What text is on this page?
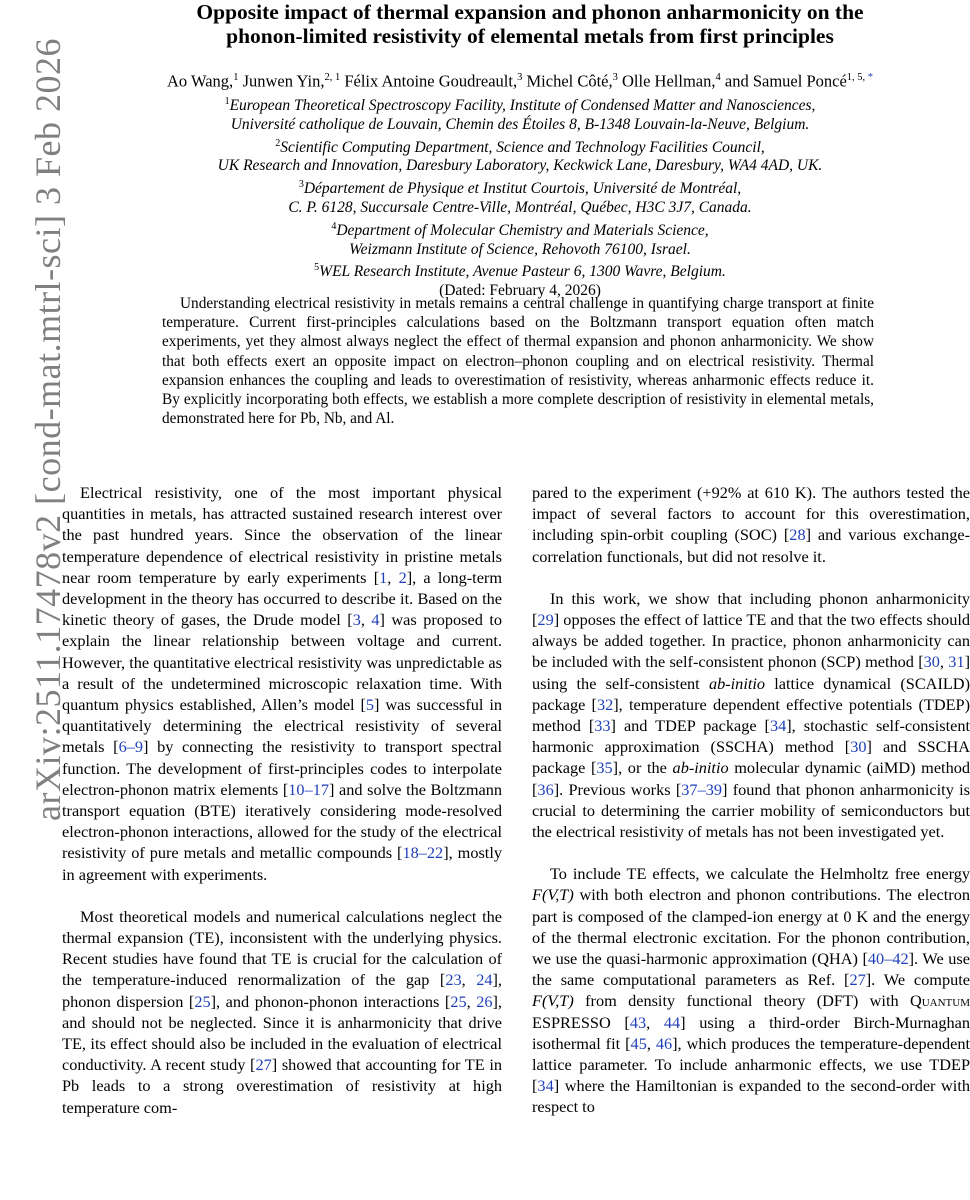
arXiv:2511.17478v2 [cond-mat.mtrl-sci] 3 Feb 2026
Opposite impact of thermal expansion and phonon anharmonicity on the
phonon-limited resistivity of elemental metals from first principles
Ao Wang,$^1$ Junwen Yin,$^{2, 1}$ Félix Antoine Goudreault,$^3$ Michel Côté,$^3$ Olle Hellman,$^4$ and Samuel Poncé$^{1, 5, *}$
$^1$European Theoretical Spectroscopy Facility, Institute of Condensed Matter and Nanosciences,
Université catholique de Louvain, Chemin des Étoiles 8, B-1348 Louvain-la-Neuve, Belgium.
$^2$Scientific Computing Department, Science and Technology Facilities Council,
UK Research and Innovation, Daresbury Laboratory, Keckwick Lane, Daresbury, WA4 4AD, UK.
$^3$Département de Physique et Institut Courtois, Université de Montréal,
C. P. 6128, Succursale Centre-Ville, Montréal, Québec, H3C 3J7, Canada.
$^4$Department of Molecular Chemistry and Materials Science,
Weizmann Institute of Science, Rehovoth 76100, Israel.
$^5$WEL Research Institute, Avenue Pasteur 6, 1300 Wavre, Belgium.
(Dated: February 4, 2026)
Understanding electrical resistivity in metals remains a central challenge in quantifying charge transport at finite temperature. Current first-principles calculations based on the Boltzmann transport equation often match experiments, yet they almost always neglect the effect of thermal expansion and phonon anharmonicity. We show that both effects exert an opposite impact on electron–phonon coupling and on electrical resistivity. Thermal expansion enhances the coupling and leads to overestimation of resistivity, whereas anharmonic effects reduce it. By explicitly incorporating both effects, we establish a more complete description of resistivity in elemental metals, demonstrated here for Pb, Nb, and Al.

Electrical resistivity, one of the most important physical quantities in metals, has attracted sustained research interest over the past hundred years. Since the observation of the linear temperature dependence of electrical resistivity in pristine metals near room temperature by early experiments [1, 2], a long-term development in the theory has occurred to describe it. Based on the kinetic theory of gases, the Drude model [3, 4] was proposed to explain the linear relationship between voltage and current. However, the quantitative electrical resistivity was unpredictable as a result of the undetermined microscopic relaxation time. With quantum physics established, Allen’s model [5] was successful in quantitatively determining the electrical resistivity of several metals [6–9] by connecting the resistivity to transport spectral function. The development of first-principles codes to interpolate electron-phonon matrix elements [10–17] and solve the Boltzmann transport equation (BTE) iteratively considering mode-resolved electron-phonon interactions, allowed for the study of the electrical resistivity of pure metals and metallic compounds [18–22], mostly in agreement with experiments.

Most theoretical models and numerical calculations neglect the thermal expansion (TE), inconsistent with the underlying physics. Recent studies have found that TE is crucial for the calculation of the temperature-induced renormalization of the gap [23, 24], phonon dispersion [25], and phonon-phonon interactions [25, 26], and should not be neglected. Since it is anharmonicity that drive TE, its effect should also be included in the evaluation of electrical conductivity. A recent study [27] showed that accounting for TE in Pb leads to a strong overestimation of resistivity at high temperature com-

pared to the experiment (+92% at 610 K). The authors tested the impact of several factors to account for this overestimation, including spin-orbit coupling (SOC) [28] and various exchange-correlation functionals, but did not resolve it.

In this work, we show that including phonon anharmonicity [29] opposes the effect of lattice TE and that the two effects should always be added together. In practice, phonon anharmonicity can be included with the self-consistent phonon (SCP) method [30, 31] using the self-consistent ab-initio lattice dynamical (SCAILD) package [32], temperature dependent effective potentials (TDEP) method [33] and TDEP package [34], stochastic self-consistent harmonic approximation (SSCHA) method [30] and SSCHA package [35], or the ab-initio molecular dynamic (aiMD) method [36]. Previous works [37–39] found that phonon anharmonicity is crucial to determining the carrier mobility of semiconductors but the electrical resistivity of metals has not been investigated yet.

To include TE effects, we calculate the Helmholtz free energy F(V,T) with both electron and phonon contributions. The electron part is composed of the clamped-ion energy at 0 K and the energy of the thermal electronic excitation. For the phonon contribution, we use the quasi-harmonic approximation (QHA) [40–42]. We use the same computational parameters as Ref. [27]. We compute F(V,T) from density functional theory (DFT) with Quantum ESPRESSO [43, 44] using a third-order Birch-Murnaghan isothermal fit [45, 46], which produces the temperature-dependent lattice parameter. To include anharmonic effects, we use TDEP [34] where the Hamiltonian is expanded to the second-order with respect to
